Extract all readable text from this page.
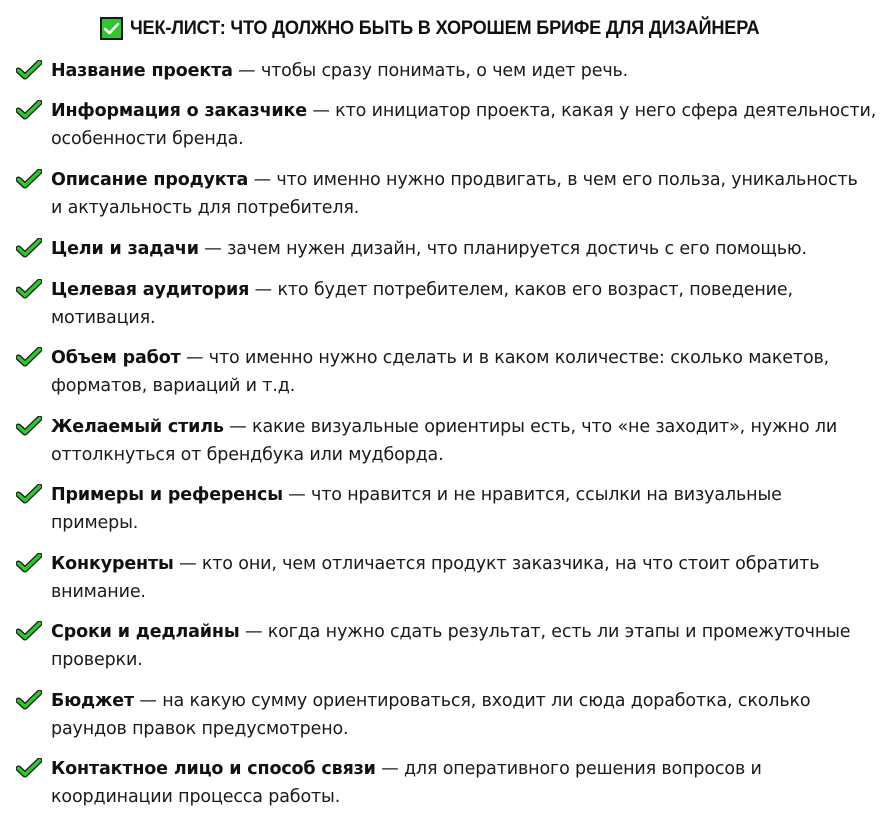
ЧЕК-ЛИСТ: ЧТО ДОЛЖНО БЫТЬ В ХОРОШЕМ БРИФЕ ДЛЯ ДИЗАЙНЕРА
Название проекта — чтобы сразу понимать, о чем идет речь.
Информация о заказчике — кто инициатор проекта, какая у него сфера деятельности,
особенности бренда.
Описание продукта — что именно нужно продвигать, в чем его польза, уникальность
и актуальность для потребителя.
Цели и задачи — зачем нужен дизайн, что планируется достичь с его помощью.
Целевая аудитория — кто будет потребителем, каков его возраст, поведение,
мотивация.
Объем работ — что именно нужно сделать и в каком количестве: сколько макетов,
форматов, вариаций и т.д.
Желаемый стиль — какие визуальные ориентиры есть, что «не заходит», нужно ли
оттолкнуться от брендбука или мудборда.
Примеры и референсы — что нравится и не нравится, ссылки на визуальные
примеры.
Конкуренты — кто они, чем отличается продукт заказчика, на что стоит обратить
внимание.
Сроки и дедлайны — когда нужно сдать результат, есть ли этапы и промежуточные
проверки.
Бюджет — на какую сумму ориентироваться, входит ли сюда доработка, сколько
раундов правок предусмотрено.
Контактное лицо и способ связи — для оперативного решения вопросов и
координации процесса работы.
